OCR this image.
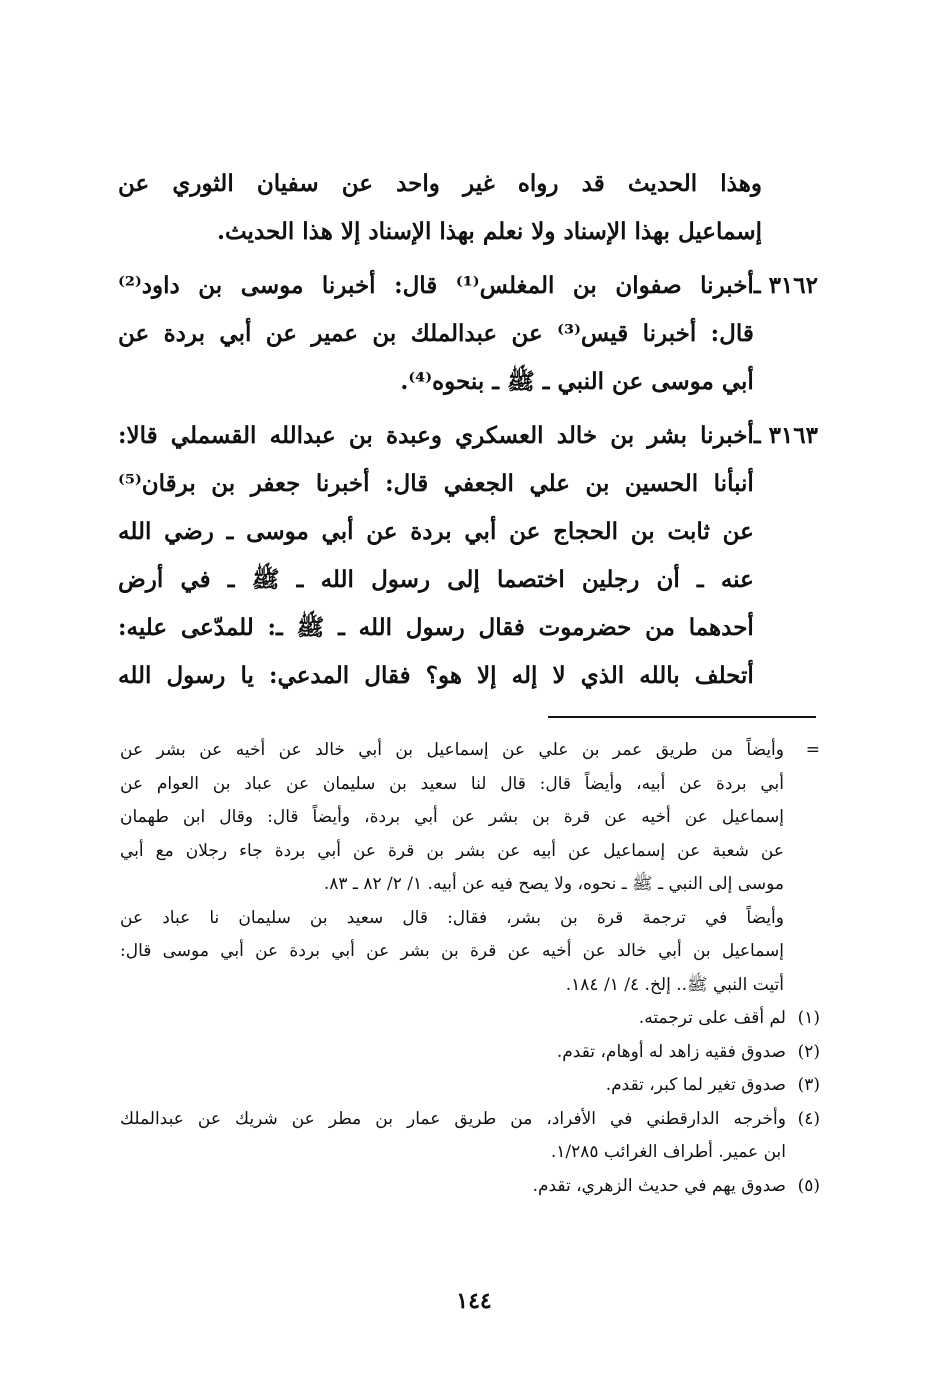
وهذا الحديث قد رواه غير واحد عن سفيان الثوري عن
إسماعيل بهذا الإسناد ولا نعلم بهذا الإسناد إلا هذا الحديث.

٣١٦٢ ـ
أخبرنا صفوان بن المغلس⁽¹⁾ قال: أخبرنا موسى بن داود⁽²⁾
قال: أخبرنا قيس⁽³⁾ عن عبدالملك بن عمير عن أبي بردة عن
أبي موسى عن النبي ـ ﷺ ـ بنحوه⁽⁴⁾.
٣١٦٣ ـ
أخبرنا بشر بن خالد العسكري وعبدة بن عبدالله القسملي قالا:
أنبأنا الحسين بن علي الجعفي قال: أخبرنا جعفر بن برقان⁽⁵⁾
عن ثابت بن الحجاج عن أبي بردة عن أبي موسى ـ رضي الله
عنه ـ أن رجلين اختصما إلى رسول الله ـ ﷺ ـ في أرض
أحدهما من حضرموت فقال رسول الله ـ ﷺ ـ: للمدّعى عليه:
أتحلف بالله الذي لا إله إلا هو؟ فقال المدعي: يا رسول الله
=
وأيضاً من طريق عمر بن علي عن إسماعيل بن أبي خالد عن أخيه عن بشر عن
أبي بردة عن أبيه، وأيضاً قال: قال لنا سعيد بن سليمان عن عباد بن العوام عن
إسماعيل عن أخيه عن قرة بن بشر عن أبي بردة، وأيضاً قال: وقال ابن طهمان
عن شعبة عن إسماعيل عن أبيه عن بشر بن قرة عن أبي بردة جاء رجلان مع أبي
موسى إلى النبي ـ ﷺ ـ نحوه، ولا يصح فيه عن أبيه. ١/ ٢/ ٨٢ ـ ٨٣.
وأيضاً في ترجمة قرة بن بشر، فقال: قال سعيد بن سليمان نا عباد عن
إسماعيل بن أبي خالد عن أخيه عن قرة بن بشر عن أبي بردة عن أبي موسى قال:
أتيت النبي ﷺ.. إلخ. ٤/ ١/ ١٨٤.
(١)
لم أقف على ترجمته.
(٢)
صدوق فقيه زاهد له أوهام، تقدم.
(٣)
صدوق تغير لما كبر، تقدم.
(٤)
وأخرجه الدارقطني في الأفراد، من طريق عمار بن مطر عن شريك عن عبدالملك
ابن عمير. أطراف الغرائب ١/٢٨٥.
(٥)
صدوق يهم في حديث الزهري، تقدم.
١٤٤
